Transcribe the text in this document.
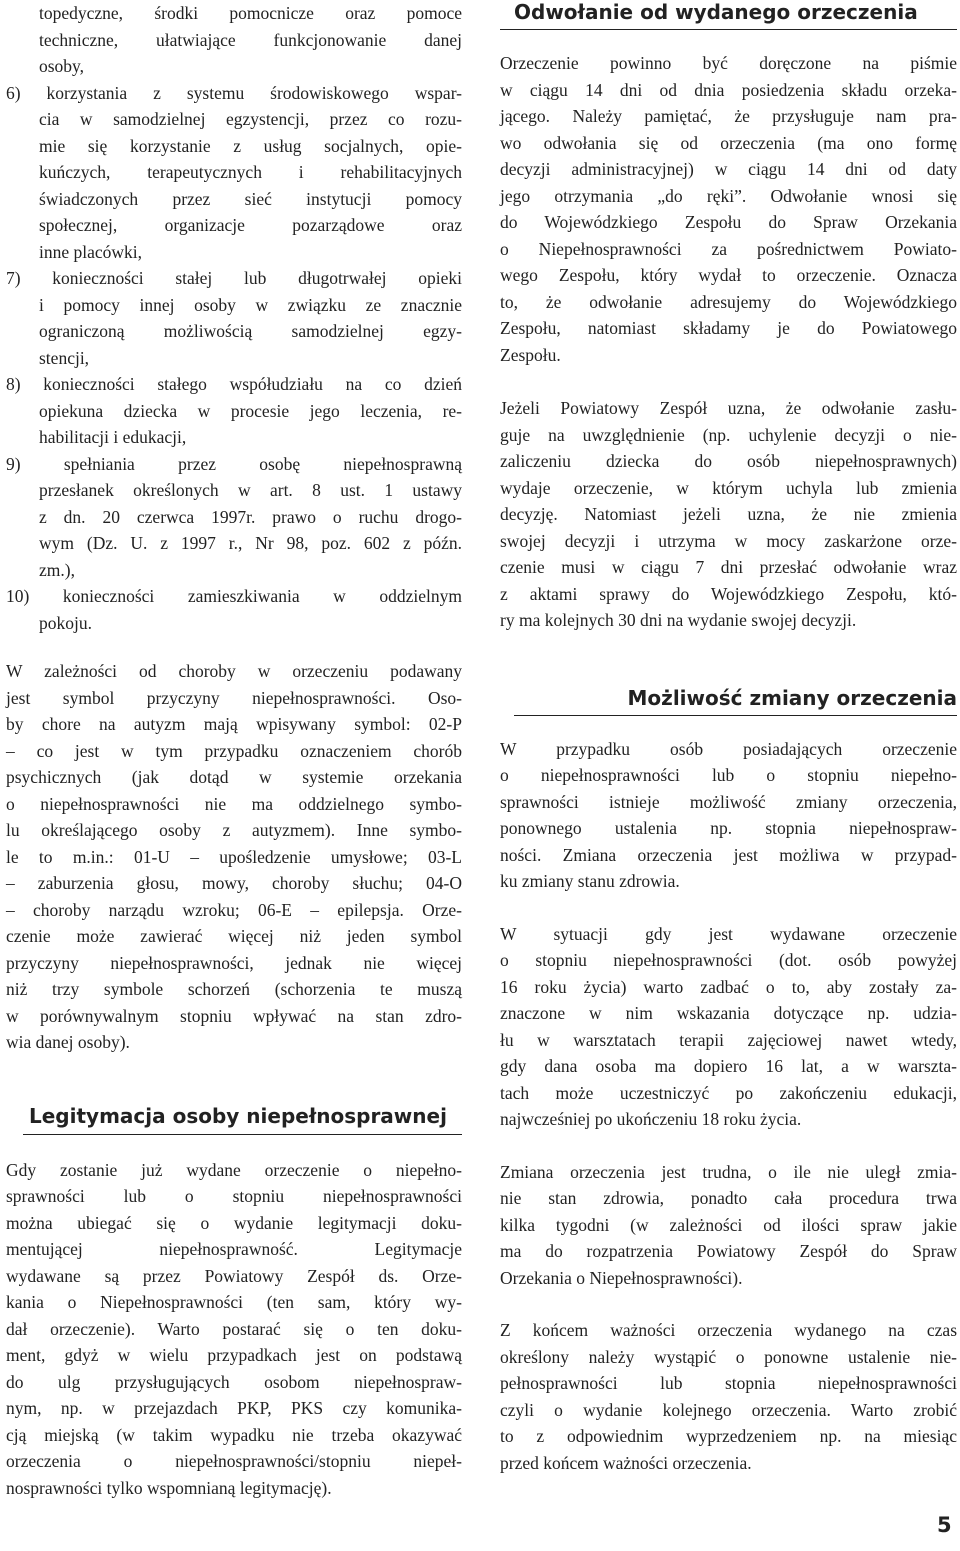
topedyczne, środki pomocnicze oraz pomoce
techniczne, ułatwiające funkcjonowanie danej
osoby,
6) korzystania z systemu środowiskowego wspar-
cia w samodzielnej egzystencji, przez co rozu-
mie się korzystanie z usług socjalnych, opie-
kuńczych, terapeutycznych i rehabilitacyjnych
świadczonych przez sieć instytucji pomocy
społecznej, organizacje pozarządowe oraz
inne placówki,
7) konieczności stałej lub długotrwałej opieki
i pomocy innej osoby w związku ze znacznie
ograniczoną możliwością samodzielnej egzy-
stencji,
8) konieczności stałego współudziału na co dzień
opiekuna dziecka w procesie jego leczenia, re-
habilitacji i edukacji,
9) spełniania przez osobę niepełnosprawną
przesłanek określonych w art. 8 ust. 1 ustawy
z dn. 20 czerwca 1997r. prawo o ruchu drogo-
wym (Dz. U. z 1997 r., Nr 98, poz. 602 z późn.
zm.),
10) konieczności zamieszkiwania w oddzielnym
pokoju.
W zależności od choroby w orzeczeniu podawany
jest symbol przyczyny niepełnosprawności. Oso-
by chore na autyzm mają wpisywany symbol: 02-P
– co jest w tym przypadku oznaczeniem chorób
psychicznych (jak dotąd w systemie orzekania
o niepełnosprawności nie ma oddzielnego symbo-
lu określającego osoby z autyzmem). Inne symbo-
le to m.in.: 01-U – upośledzenie umysłowe; 03-L
– zaburzenia głosu, mowy, choroby słuchu; 04-O
– choroby narządu wzroku; 06-E – epilepsja. Orze-
czenie może zawierać więcej niż jeden symbol
przyczyny niepełnosprawności, jednak nie więcej
niż trzy symbole schorzeń (schorzenia te muszą
w porównywalnym stopniu wpływać na stan zdro-
wia danej osoby).
Legitymacja osoby niepełnosprawnej
Gdy zostanie już wydane orzeczenie o niepełno-
sprawności lub o stopniu niepełnosprawności
można ubiegać się o wydanie legitymacji doku-
mentującej niepełnosprawność. Legitymacje
wydawane są przez Powiatowy Zespół ds. Orze-
kania o Niepełnosprawności (ten sam, który wy-
dał orzeczenie). Warto postarać się o ten doku-
ment, gdyż w wielu przypadkach jest on podstawą
do ulg przysługujących osobom niepełnospraw-
nym, np. w przejazdach PKP, PKS czy komunika-
cją miejską (w takim wypadku nie trzeba okazywać
orzeczenia o niepełnosprawności/stopniu niepeł-
nosprawności tylko wspomnianą legitymację).
Odwołanie od wydanego orzeczenia
Orzeczenie powinno być doręczone na piśmie
w ciągu 14 dni od dnia posiedzenia składu orzeka-
jącego. Należy pamiętać, że przysługuje nam pra-
wo odwołania się od orzeczenia (ma ono formę
decyzji administracyjnej) w ciągu 14 dni od daty
jego otrzymania „do ręki”. Odwołanie wnosi się
do Wojewódzkiego Zespołu do Spraw Orzekania
o Niepełnosprawności za pośrednictwem Powiato-
wego Zespołu, który wydał to orzeczenie. Oznacza
to, że odwołanie adresujemy do Wojewódzkiego
Zespołu, natomiast składamy je do Powiatowego
Zespołu.
Jeżeli Powiatowy Zespół uzna, że odwołanie zasłu-
guje na uwzględnienie (np. uchylenie decyzji o nie-
zaliczeniu dziecka do osób niepełnosprawnych)
wydaje orzeczenie, w którym uchyla lub zmienia
decyzję. Natomiast jeżeli uzna, że nie zmienia
swojej decyzji i utrzyma w mocy zaskarżone orze-
czenie musi w ciągu 7 dni przesłać odwołanie wraz
z aktami sprawy do Wojewódzkiego Zespołu, któ-
ry ma kolejnych 30 dni na wydanie swojej decyzji.
Możliwość zmiany orzeczenia
W przypadku osób posiadających orzeczenie
o niepełnosprawności lub o stopniu niepełno-
sprawności istnieje możliwość zmiany orzeczenia,
ponownego ustalenia np. stopnia niepełnospraw-
ności. Zmiana orzeczenia jest możliwa w przypad-
ku zmiany stanu zdrowia.
W sytuacji gdy jest wydawane orzeczenie
o stopniu niepełnosprawności (dot. osób powyżej
16 roku życia) warto zadbać o to, aby zostały za-
znaczone w nim wskazania dotyczące np. udzia-
łu w warsztatach terapii zajęciowej nawet wtedy,
gdy dana osoba ma dopiero 16 lat, a w warszta-
tach może uczestniczyć po zakończeniu edukacji,
najwcześniej po ukończeniu 18 roku życia.
Zmiana orzeczenia jest trudna, o ile nie uległ zmia-
nie stan zdrowia, ponadto cała procedura trwa
kilka tygodni (w zależności od ilości spraw jakie
ma do rozpatrzenia Powiatowy Zespół do Spraw
Orzekania o Niepełnosprawności).
Z końcem ważności orzeczenia wydanego na czas
określony należy wystąpić o ponowne ustalenie nie-
pełnosprawności lub stopnia niepełnosprawności
czyli o wydanie kolejnego orzeczenia. Warto zrobić
to z odpowiednim wyprzedzeniem np. na miesiąc
przed końcem ważności orzeczenia.
5
